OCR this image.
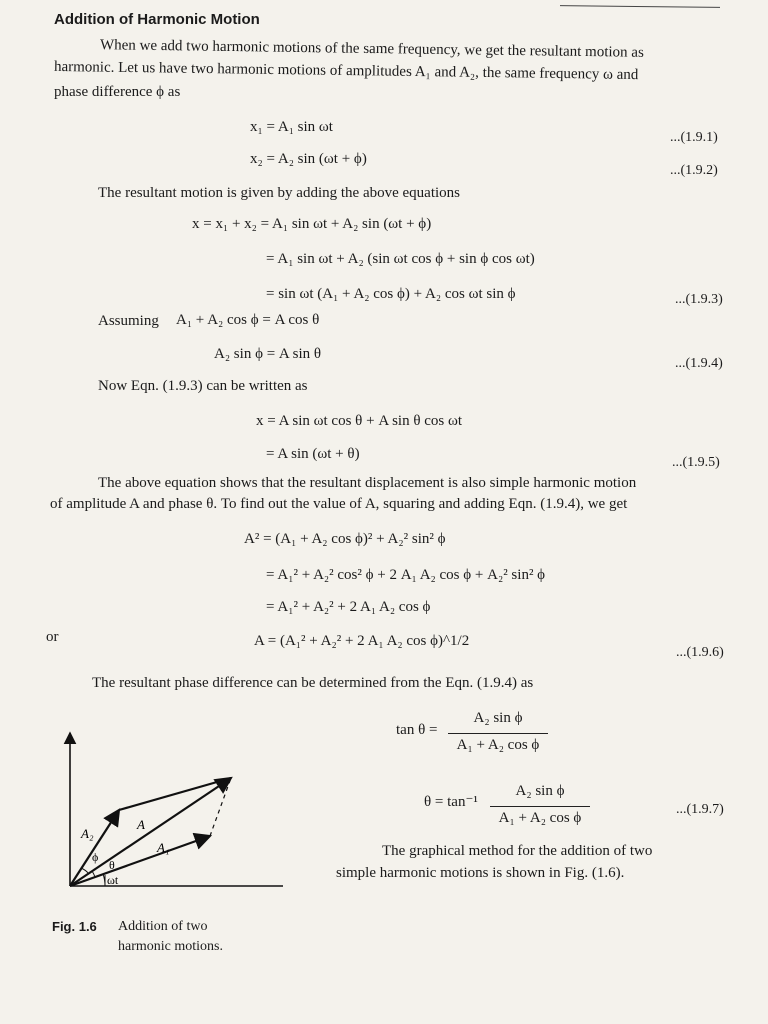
Addition of Harmonic Motion
When we add two harmonic motions of the same frequency, we get the resultant motion as
harmonic. Let us have two harmonic motions of amplitudes A₁ and A₂, the same frequency ω and
phase difference ϕ as
x₁ = A₁ sin ωt
...(1.9.1)
x₂ = A₂ sin (ωt + ϕ)
...(1.9.2)
The resultant motion is given by adding the above equations
x = x₁ + x₂ = A₁ sin ωt + A₂ sin (ωt + ϕ)
= A₁ sin ωt + A₂ (sin ωt cos ϕ + sin ϕ cos ωt)
= sin ωt (A₁ + A₂ cos ϕ) + A₂ cos ωt sin ϕ	...(1.9.3)
Assuming A₁ + A₂ cos ϕ = A cos θ
A₂ sin ϕ = A sin θ
...(1.9.4)
Now Eqn. (1.9.3) can be written as
x = A sin ωt cos θ + A sin θ cos ωt
= A sin (ωt + θ)
...(1.9.5)
The above equation shows that the resultant displacement is also simple harmonic motion
of amplitude A and phase θ. To find out the value of A, squaring and adding Eqn. (1.9.4), we get
A² = (A₁ + A₂ cos ϕ)² + A₂² sin² ϕ
= A₁² + A₂² cos² ϕ + 2 A₁ A₂ cos ϕ + A₂² sin² ϕ
= A₁² + A₂² + 2 A₁ A₂ cos ϕ
or	A = (A₁² + A₂² + 2 A₁ A₂ cos ϕ)^1/2
...(1.9.6)
The resultant phase difference can be determined from the Eqn. (1.9.4) as
tan θ =
A₂ sin ϕ
A₁ + A₂ cos ϕ
θ = tan⁻¹
A₂ sin ϕ
A₁ + A₂ cos ϕ
...(1.9.7)
The graphical method for the addition of two
simple harmonic motions is shown in Fig. (1.6).
A₂
A
A₁
ϕ
θ
ωt
Fig. 1.6 Addition of two
harmonic motions.
